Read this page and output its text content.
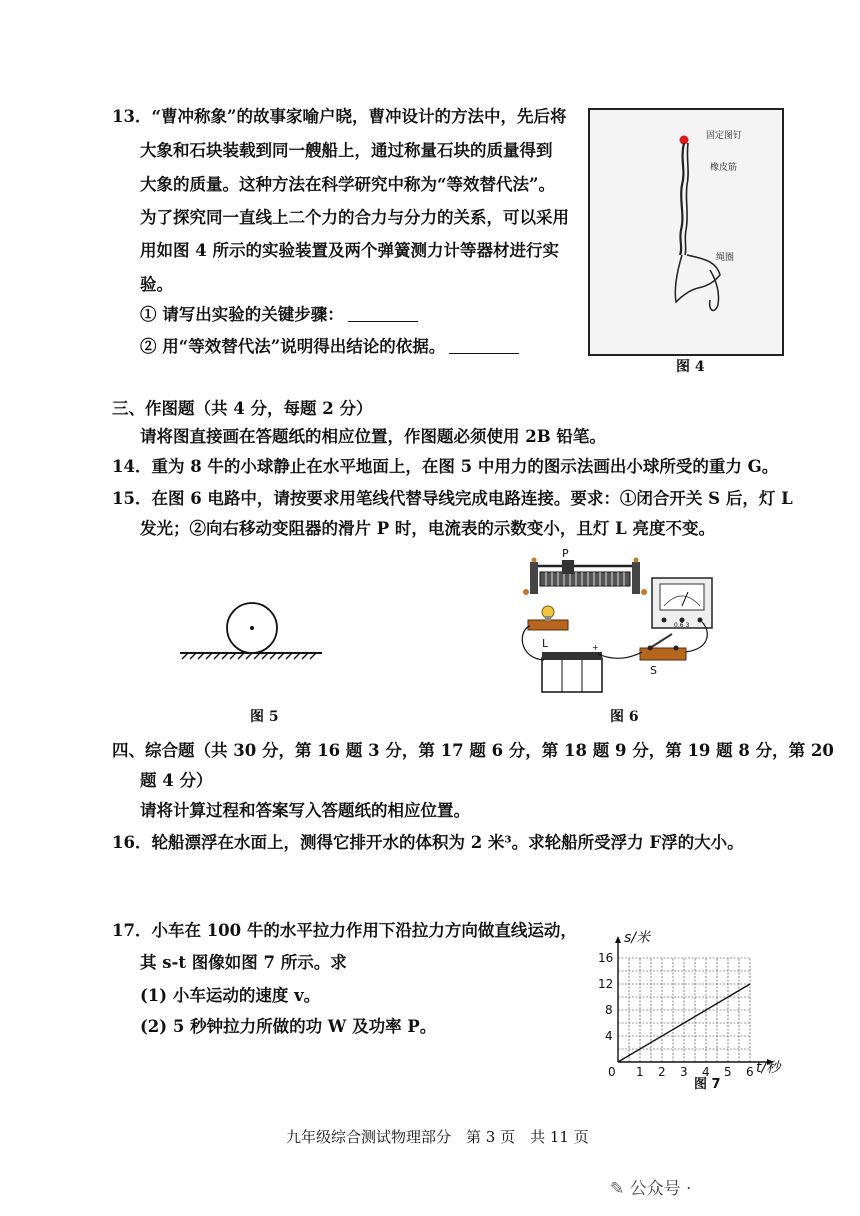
13．“曹冲称象”的故事家喻户晓，曹冲设计的方法中，先后将
大象和石块装载到同一艘船上，通过称量石块的质量得到
大象的质量。这种方法在科学研究中称为“等效替代法”。
为了探究同一直线上二个力的合力与分力的关系，可以采用
用如图 4 所示的实验装置及两个弹簧测力计等器材进行实
验。
① 请写出实验的关键步骤：
② 用“等效替代法”说明得出结论的依据。
固定图钉
橡皮筋
绳圈
图 4
三、作图题（共 4 分，每题 2 分）
请将图直接画在答题纸的相应位置，作图题必须使用 2B 铅笔。
14．重为 8 牛的小球静止在水平地面上，在图 5 中用力的图示法画出小球所受的重力 G。
15．在图 6 电路中，请按要求用笔线代替导线完成电路连接。要求：①闭合开关 S 后，灯 L
发光；②向右移动变阻器的滑片 P 时，电流表的示数变小，且灯 L 亮度不变。
图 5
P
0.6 3
L	+
S
图 6
四、综合题（共 30 分，第 16 题 3 分，第 17 题 6 分，第 18 题 9 分，第 19 题 8 分，第 20
题 4 分）
请将计算过程和答案写入答题纸的相应位置。
16．轮船漂浮在水面上，测得它排开水的体积为 2 米³。求轮船所受浮力 F浮的大小。
17．小车在 100 牛的水平拉力作用下沿拉力方向做直线运动，
其 s-t 图像如图 7 所示。求
(1) 小车运动的速度 v。
(2) 5 秒钟拉力所做的功 W 及功率 P。
0 1 2 3 4 5 6
4
8
12
16
s/米
t/秒
图 7
九年级综合测试物理部分　第 3 页　共 11 页
✎ 公众号 ·
